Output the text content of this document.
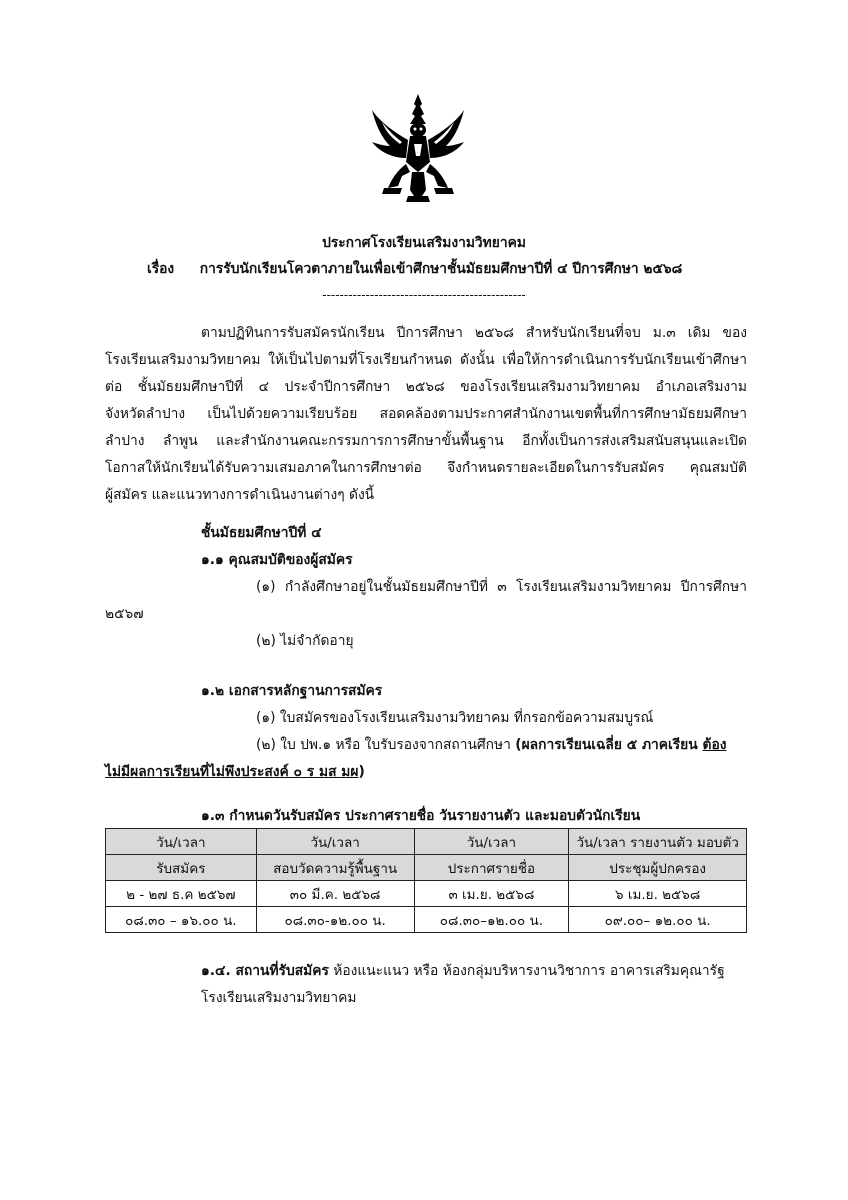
ประกาศโรงเรียนเสริมงามวิทยาคม
เรื่อง การรับนักเรียนโควตาภายในเพื่อเข้าศึกษาชั้นมัธยมศึกษาปีที่ ๔ ปีการศึกษา ๒๕๖๘
-----------------------------------------------
ตามปฏิทินการรับสมัครนักเรียน ปีการศึกษา ๒๕๖๘ สำหรับนักเรียนที่จบ ม.๓ เดิม ของ
โรงเรียนเสริมงามวิทยาคม ให้เป็นไปตามที่โรงเรียนกำหนด ดังนั้น เพื่อให้การดำเนินการรับนักเรียนเข้าศึกษา
ต่อ ชั้นมัธยมศึกษาปีที่ ๔ ประจำปีการศึกษา ๒๕๖๘ ของโรงเรียนเสริมงามวิทยาคม อำเภอเสริมงาม
จังหวัดลำปาง เป็นไปด้วยความเรียบร้อย สอดคล้องตามประกาศสำนักงานเขตพื้นที่การศึกษามัธยมศึกษา
ลำปาง ลำพูน และสำนักงานคณะกรรมการการศึกษาขั้นพื้นฐาน อีกทั้งเป็นการส่งเสริมสนับสนุนและเปิด
โอกาสให้นักเรียนได้รับความเสมอภาคในการศึกษาต่อ จึงกำหนดรายละเอียดในการรับสมัคร คุณสมบัติ
ผู้สมัคร และแนวทางการดำเนินงานต่างๆ ดังนี้
ชั้นมัธยมศึกษาปีที่ ๔
๑.๑ คุณสมบัติของผู้สมัคร
(๑) กำลังศึกษาอยู่ในชั้นมัธยมศึกษาปีที่ ๓ โรงเรียนเสริมงามวิทยาคม ปีการศึกษา
๒๕๖๗
(๒) ไม่จำกัดอายุ
๑.๒ เอกสารหลักฐานการสมัคร
(๑) ใบสมัครของโรงเรียนเสริมงามวิทยาคม ที่กรอกข้อความสมบูรณ์
(๒) ใบ ปพ.๑ หรือ ใบรับรองจากสถานศึกษา (ผลการเรียนเฉลี่ย ๕ ภาคเรียน ต้อง
ไม่มีผลการเรียนที่ไม่พึงประสงค์ ๐ ร มส มผ)
๑.๓ กำหนดวันรับสมัคร ประกาศรายชื่อ วันรายงานตัว และมอบตัวนักเรียน
วัน/เวลา	วัน/เวลา	วัน/เวลา	วัน/เวลา รายงานตัว มอบตัว
รับสมัคร	สอบวัดความรู้พื้นฐาน	ประกาศรายชื่อ	ประชุมผู้ปกครอง
๒ - ๒๗ ธ.ค ๒๕๖๗	๓๐ มี.ค. ๒๕๖๘	๓ เม.ย. ๒๕๖๘	๖ เม.ย. ๒๕๖๘
๐๘.๓๐ – ๑๖.๐๐ น.	๐๘.๓๐-๑๒.๐๐ น.	๐๘.๓๐–๑๒.๐๐ น.	๐๙.๐๐– ๑๒.๐๐ น.
๑.๔. สถานที่รับสมัคร ห้องแนะแนว หรือ ห้องกลุ่มบริหารงานวิชาการ อาคารเสริมคุณารัฐ
โรงเรียนเสริมงามวิทยาคม
